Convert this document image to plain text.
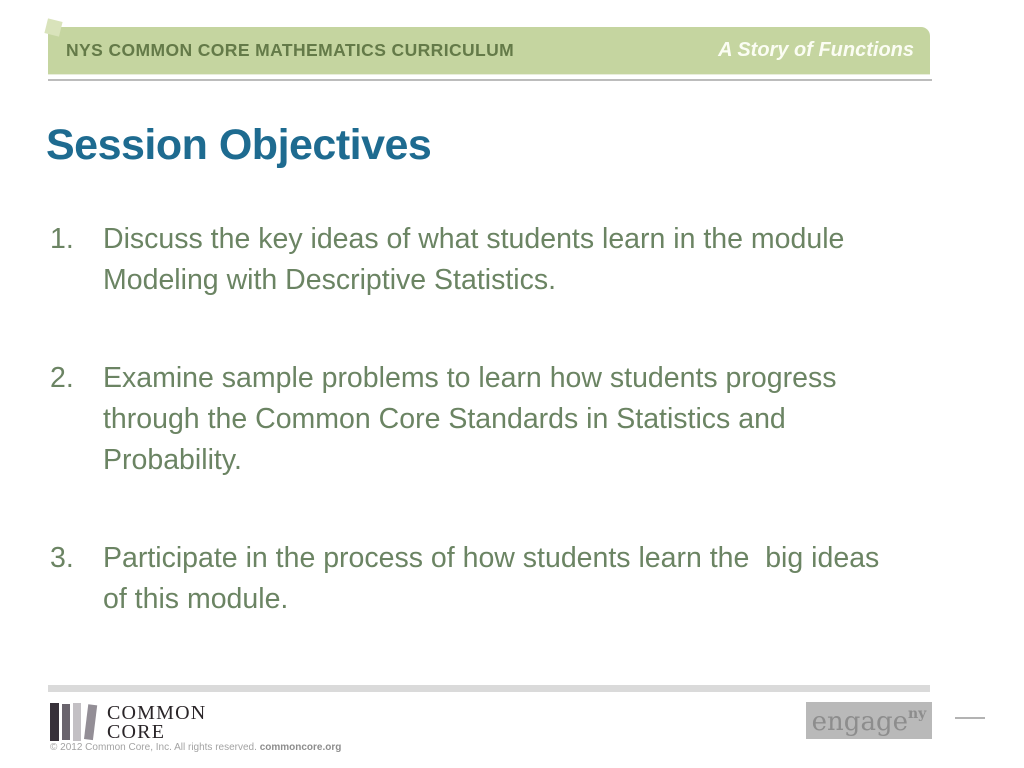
NYS COMMON CORE MATHEMATICS CURRICULUM	A Story of Functions
Session Objectives
1.	Discuss the key ideas of what students learn in the module
Modeling with Descriptive Statistics.
2.	Examine sample problems to learn how students progress
through the Common Core Standards in Statistics and
Probability.
3.	Participate in the process of how students learn the  big ideas
of this module.
COMMON
CORE
© 2012 Common Core, Inc. All rights reserved. commoncore.org
engage$^{ny}$
